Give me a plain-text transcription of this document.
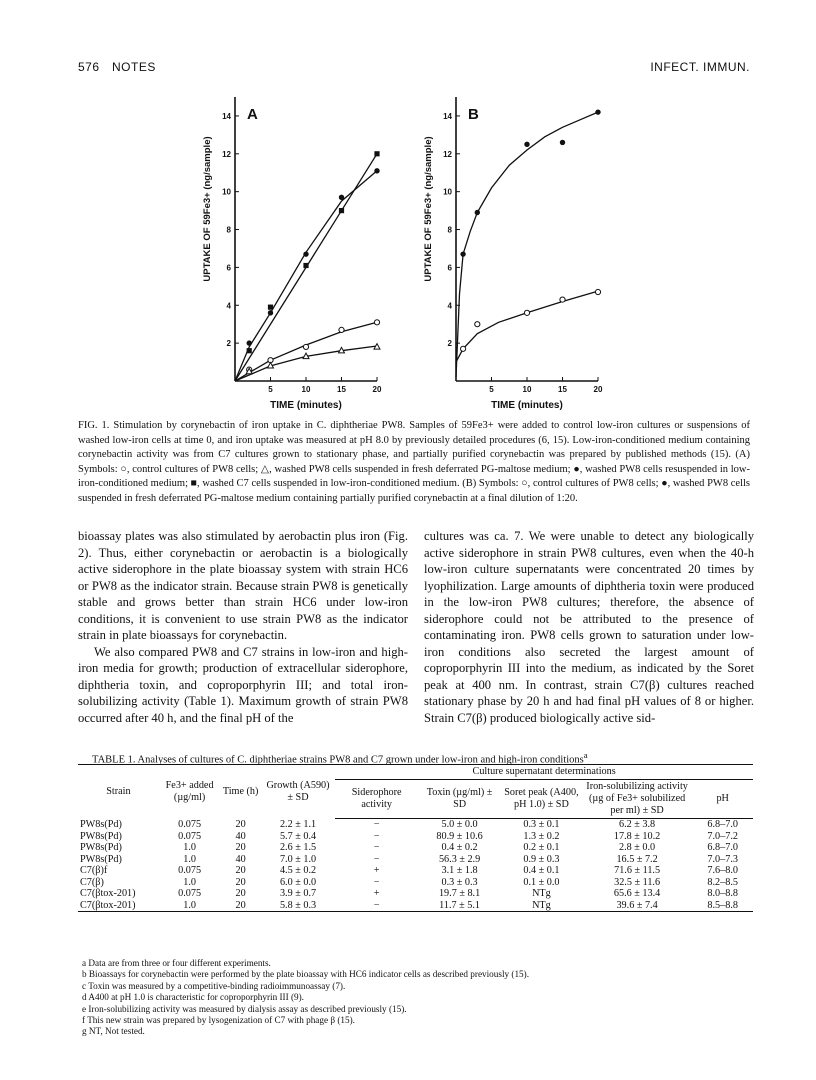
576 NOTES	INFECT. IMMUN.
2
4
6
8
10
12
14
5	10	15	20
TIME (minutes)
UPTAKE OF 59Fe3+ (ng/sample)
A
2
4
6
8
10
12
14
5	10	15	20
TIME (minutes)
UPTAKE OF 59Fe3+ (ng/sample)
B
FIG. 1. Stimulation by corynebactin of iron uptake in C. diphtheriae PW8. Samples of 59Fe3+ were added to control low-iron cultures or suspensions of washed low-iron cells at time 0, and iron uptake was measured at pH 8.0 by previously detailed procedures (6, 15). Low-iron-conditioned medium containing corynebactin activity was from C7 cultures grown to stationary phase, and partially purified corynebactin was prepared by published methods (15). (A) Symbols: ○, control cultures of PW8 cells; △, washed PW8 cells suspended in fresh deferrated PG-maltose medium; ●, washed PW8 cells resuspended in low-iron-conditioned medium; ■, washed C7 cells suspended in low-iron-conditioned medium. (B) Symbols: ○, control cultures of PW8 cells; ●, washed PW8 cells suspended in fresh deferrated PG-maltose medium containing partially purified corynebactin at a final dilution of 1:20.

bioassay plates was also stimulated by aerobactin plus iron (Fig. 2). Thus, either corynebactin or aerobactin is a biologically active siderophore in the plate bioassay system with strain HC6 or PW8 as the indicator strain. Because strain PW8 is genetically stable and grows better than strain HC6 under low-iron conditions, it is convenient to use strain PW8 as the indicator strain in plate bioassays for corynebactin.

We also compared PW8 and C7 strains in low-iron and high-iron media for growth; production of extracellular siderophore, diphtheria toxin, and coproporphyrin III; and total iron-solubilizing activity (Table 1). Maximum growth of strain PW8 occurred after 40 h, and the final pH of the

cultures was ca. 7. We were unable to detect any biologically active siderophore in strain PW8 cultures, even when the 40-h low-iron culture supernatants were concentrated 20 times by lyophilization. Large amounts of diphtheria toxin were produced in the low-iron PW8 cultures; therefore, the absence of siderophore could not be attributed to the presence of contaminating iron. PW8 cells grown to saturation under low-iron conditions also secreted the largest amount of coproporphyrin III into the medium, as indicated by the Soret peak at 400 nm. In contrast, strain C7(β) cultures reached stationary phase by 20 h and had final pH values of 8 or higher. Strain C7(β) produced biologically active sid-

TABLE 1. Analyses of cultures of C. diphtheriae strains PW8 and C7 grown under low-iron and high-iron conditions$^a$
Strain	Fe3+ added (µg/ml)	Time (h)	Growth (A590) ± SD	Culture supernatant determinations				
				Siderophore activity	Toxin (µg/ml) ± SD	Soret peak (A400, pH 1.0) ± SD	Iron-solubilizing activity (µg of Fe3+ solubilized per ml) ± SD	pH
PW8s(Pd)	0.075	20	2.2 ± 1.1	−	5.0 ± 0.0	0.3 ± 0.1	6.2 ± 3.8	6.8–7.0
PW8s(Pd)	0.075	40	5.7 ± 0.4	−	80.9 ± 10.6	1.3 ± 0.2	17.8 ± 10.2	7.0–7.2
PW8s(Pd)	1.0	20	2.6 ± 1.5	−	0.4 ± 0.2	0.2 ± 0.1	2.8 ± 0.0	6.8–7.0
PW8s(Pd)	1.0	40	7.0 ± 1.0	−	56.3 ± 2.9	0.9 ± 0.3	16.5 ± 7.2	7.0–7.3
C7(β)f	0.075	20	4.5 ± 0.2	+	3.1 ± 1.8	0.4 ± 0.1	71.6 ± 11.5	7.6–8.0
C7(β)	1.0	20	6.0 ± 0.0	−	0.3 ± 0.3	0.1 ± 0.0	32.5 ± 11.6	8.2–8.5
C7(βtox-201)	0.075	20	3.9 ± 0.7	+	19.7 ± 8.1	NTg	65.6 ± 13.4	8.0–8.8
C7(βtox-201)	1.0	20	5.8 ± 0.3	−	11.7 ± 5.1	NTg	39.6 ± 7.4	8.5–8.8
a Data are from three or four different experiments.
b Bioassays for corynebactin were performed by the plate bioassay with HC6 indicator cells as described previously (15).
c Toxin was measured by a competitive-binding radioimmunoassay (7).
d A400 at pH 1.0 is characteristic for coproporphyrin III (9).
e Iron-solubilizing activity was measured by dialysis assay as described previously (15).
f This new strain was prepared by lysogenization of C7 with phage β (15).
g NT, Not tested.
